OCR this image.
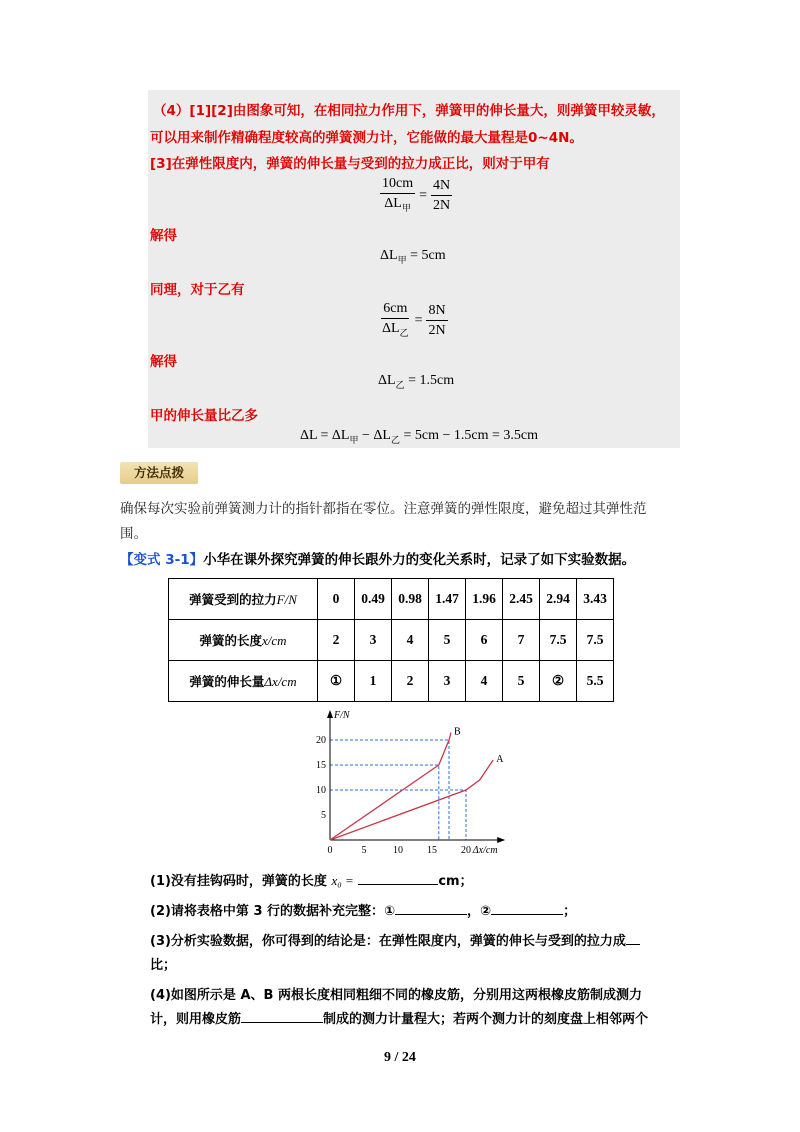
（4）[1][2]由图象可知，在相同拉力作用下，弹簧甲的伸长量大，则弹簧甲较灵敏，
可以用来制作精确程度较高的弹簧测力计，它能做的最大量程是0~4N。
[3]在弹性限度内，弹簧的伸长量与受到的拉力成正比，则对于甲有
$\frac{10cm}{\Delta L_甲} = \frac{4N}{2N}$
解得
$\Delta L_甲 = 5cm$
同理，对于乙有
$\frac{6cm}{\Delta L_乙} = \frac{8N}{2N}$
解得
$\Delta L_乙 = 1.5cm$
甲的伸长量比乙多
$\Delta L = \Delta L_甲 - \Delta L_乙 = 5cm - 1.5cm = 3.5cm$
方法点拨
确保每次实验前弹簧测力计的指针都指在零位。注意弹簧的弹性限度，避免超过其弹性范
围。
【变式 3-1】小华在课外探究弹簧的伸长跟外力的变化关系时，记录了如下实验数据。
弹簧受到的拉力F/N	0	0.49	0.98	1.47	1.96	2.45	2.94	3.43
弹簧的长度x/cm	2	3	4	5	6	7	7.5	7.5
弹簧的伸长量Δx/cm	①	1	2	3	4	5	②	5.5
0	5	10 15 20
5
10
15
20
Δx/cm
F/N
B
A
(1)没有挂钩码时，弹簧的长度 x₀ =	cm；
(2)请将表格中第 3 行的数据补充完整：①	，②	；
(3)分析实验数据，你可得到的结论是：在弹性限度内，弹簧的伸长与受到的拉力成
比；
(4)如图所示是 A、B 两根长度相同粗细不同的橡皮筋，分别用这两根橡皮筋制成测力
计，则用橡皮筋	制成的测力计量程大；若两个测力计的刻度盘上相邻两个
9 / 24
